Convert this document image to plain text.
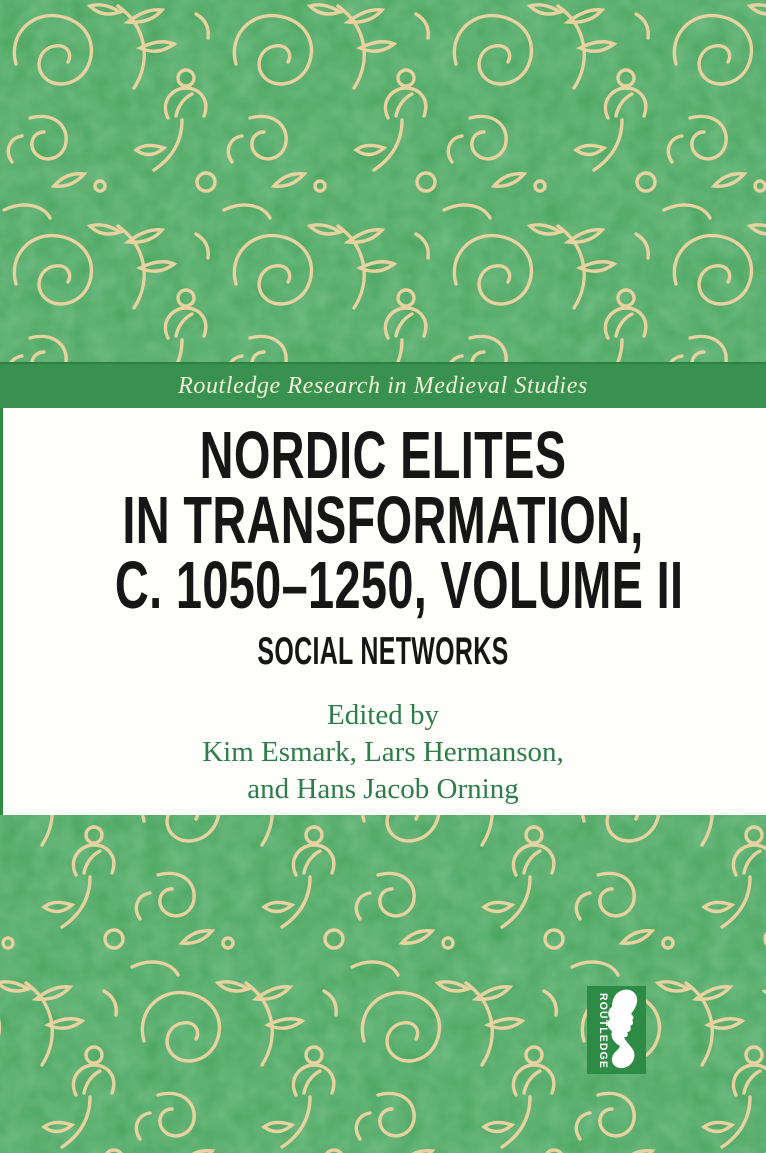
Routledge Research in Medieval Studies
NORDIC ELITES
IN TRANSFORMATION,
C. 1050–1250, VOLUME II
SOCIAL NETWORKS
Edited by
Kim Esmark, Lars Hermanson,
and Hans Jacob Orning
ROUTLEDGE
